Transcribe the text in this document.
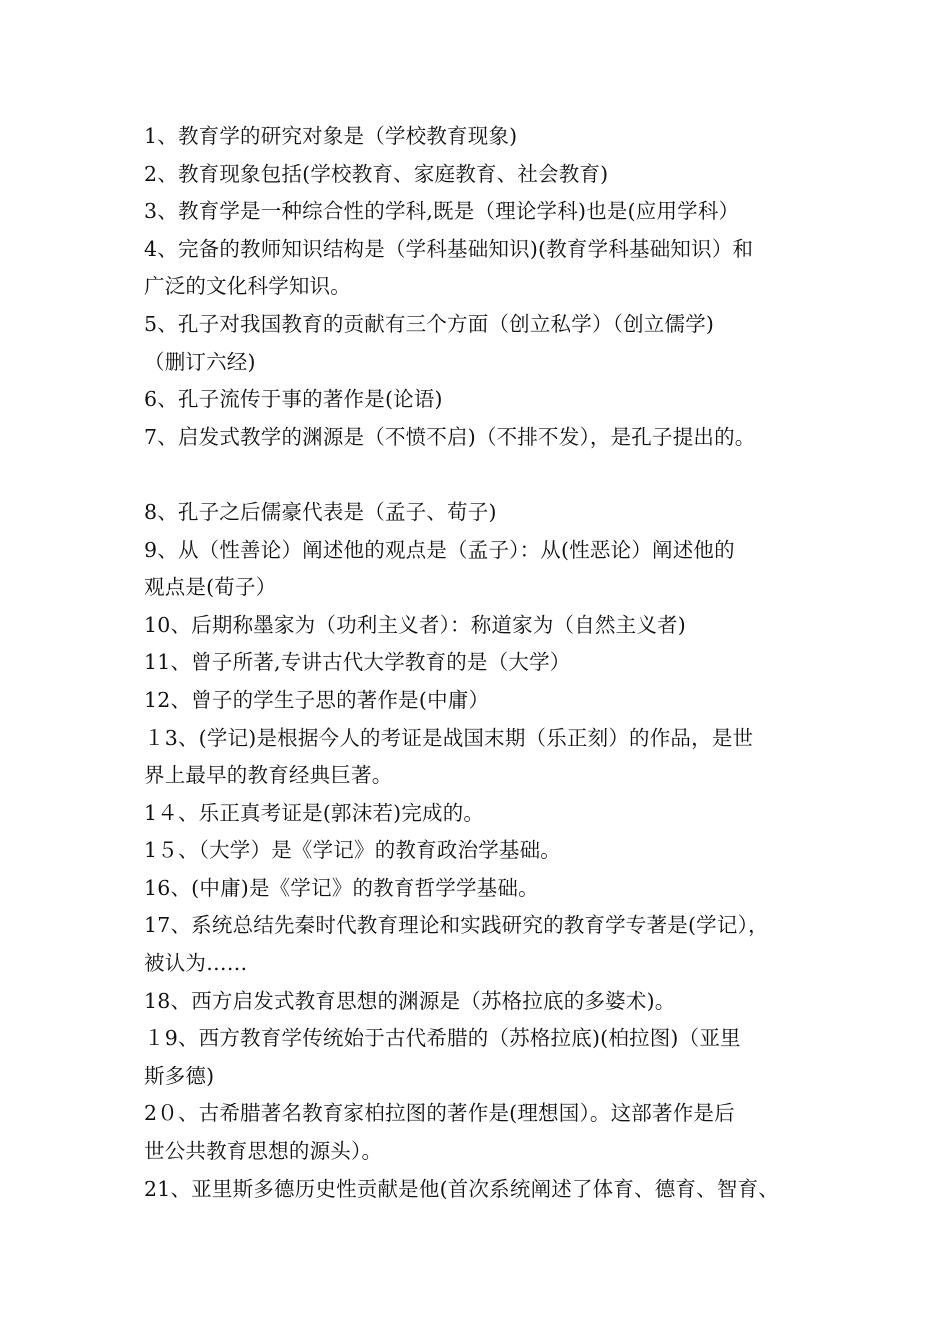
1、教育学的研究对象是（学校教育现象)
2、教育现象包括(学校教育、家庭教育、社会教育)
3、教育学是一种综合性的学科,既是（理论学科)也是(应用学科）
4、完备的教师知识结构是（学科基础知识)(教育学科基础知识）和
广泛的文化科学知识。
5、孔子对我国教育的贡献有三个方面（创立私学）（创立儒学)
（删订六经)
6、孔子流传于事的著作是(论语)
7、启发式教学的渊源是（不愤不启)（不排不发），是孔子提出的。
8、孔子之后儒豪代表是（孟子、荀子)
9、从（性善论）阐述他的观点是（孟子）：从(性恶论）阐述他的
观点是(荀子）
10、后期称墨家为（功利主义者）：称道家为（自然主义者)
11、曾子所著,专讲古代大学教育的是（大学）
12、曾子的学生子思的著作是(中庸）
１3、(学记)是根据今人的考证是战国末期（乐正刻）的作品，是世
界上最早的教育经典巨著。
1４、乐正真考证是(郭沫若)完成的。
1５、（大学）是《学记》的教育政治学基础。
16、(中庸)是《学记》的教育哲学学基础。
17、系统总结先秦时代教育理论和实践研究的教育学专著是(学记），
被认为……
18、西方启发式教育思想的渊源是（苏格拉底的多婆术)。
１9、西方教育学传统始于古代希腊的（苏格拉底)(柏拉图)（亚里
斯多德)
2０、古希腊著名教育家柏拉图的著作是(理想国）。这部著作是后
世公共教育思想的源头）。
21、亚里斯多德历史性贡献是他(首次系统阐述了体育、德育、智育、
